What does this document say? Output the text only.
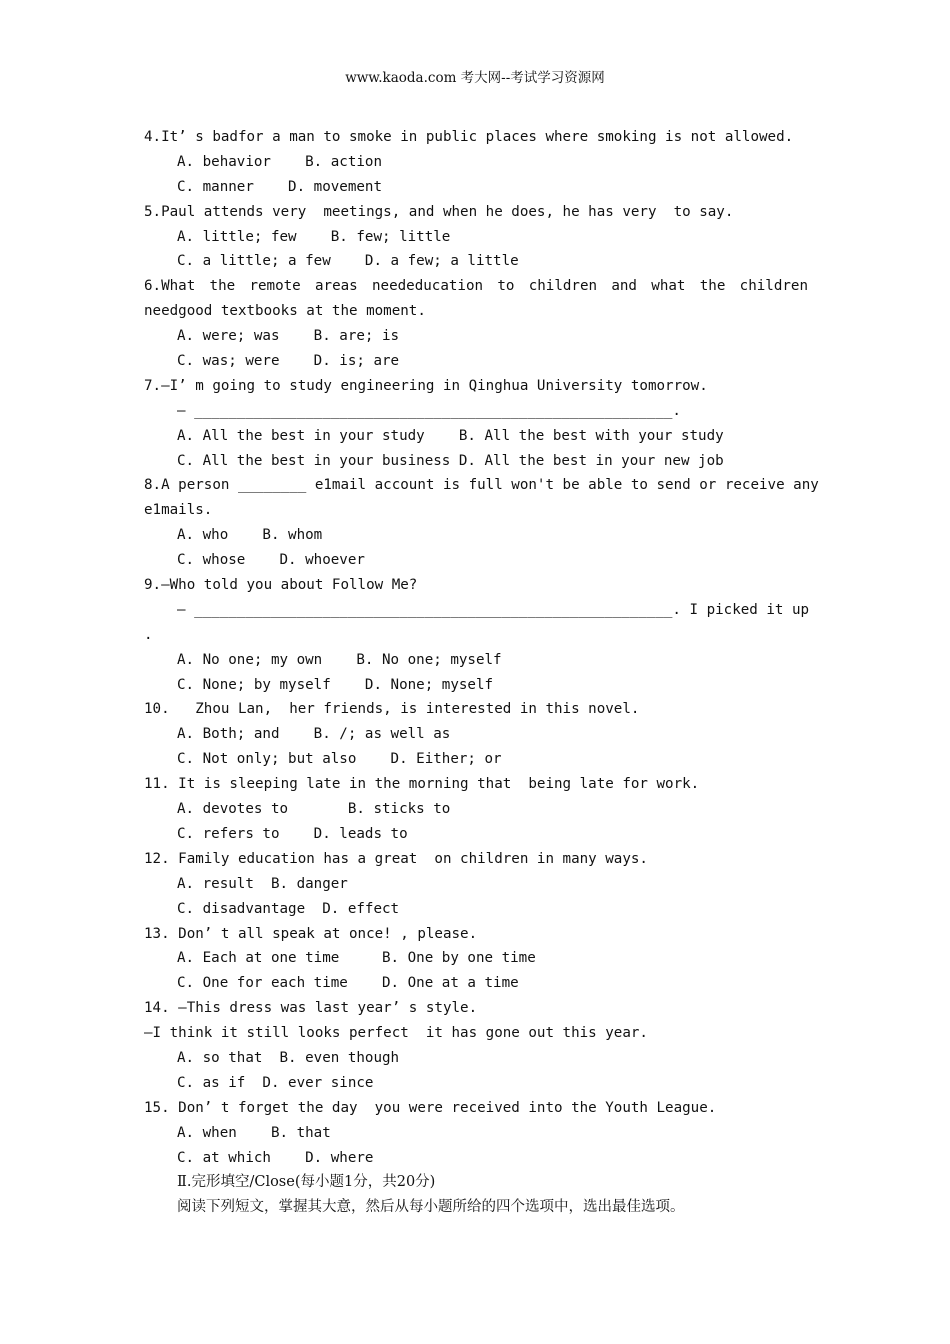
www.kaoda.com 考大网--考试学习资源网
4.It’ s badfor a man to smoke in public places where smoking is not allowed.
A. behavior    B. action
C. manner    D. movement
5.Paul attends very  meetings, and when he does, he has very  to say.
A. little; few    B. few; little
C. a little; a few    D. a few; a little
6.What the remote areas neededucation to children and what the children
needgood textbooks at the moment.
A. were; was    B. are; is
C. was; were    D. is; are
7.—I’ m going to study engineering in Qinghua University tomorrow.
— ________________________________________________________.
A. All the best in your study    B. All the best with your study
C. All the best in your business D. All the best in your new job
8.A person ________ e1mail account is full won't be able to send or receive any
e1mails.
A. who    B. whom
C. whose    D. whoever
9.—Who told you about Follow Me?
— ________________________________________________________. I picked it up
.
A. No one; my own    B. No one; myself
C. None; by myself    D. None; myself
10.   Zhou Lan,  her friends, is interested in this novel.
A. Both; and    B. /; as well as
C. Not only; but also    D. Either; or
11. It is sleeping late in the morning that  being late for work.
A. devotes to       B. sticks to
C. refers to    D. leads to
12. Family education has a great  on children in many ways.
A. result  B. danger
C. disadvantage  D. effect
13. Don’ t all speak at once! , please.
A. Each at one time     B. One by one time
C. One for each time    D. One at a time
14. —This dress was last year’ s style.
—I think it still looks perfect  it has gone out this year.
A. so that  B. even though
C. as if  D. ever since
15. Don’ t forget the day  you were received into the Youth League.
A. when    B. that
C. at which    D. where
Ⅱ.完形填空/Close(每小题1分，共20分)
阅读下列短文，掌握其大意，然后从每小题所给的四个选项中，选出最佳选项。
